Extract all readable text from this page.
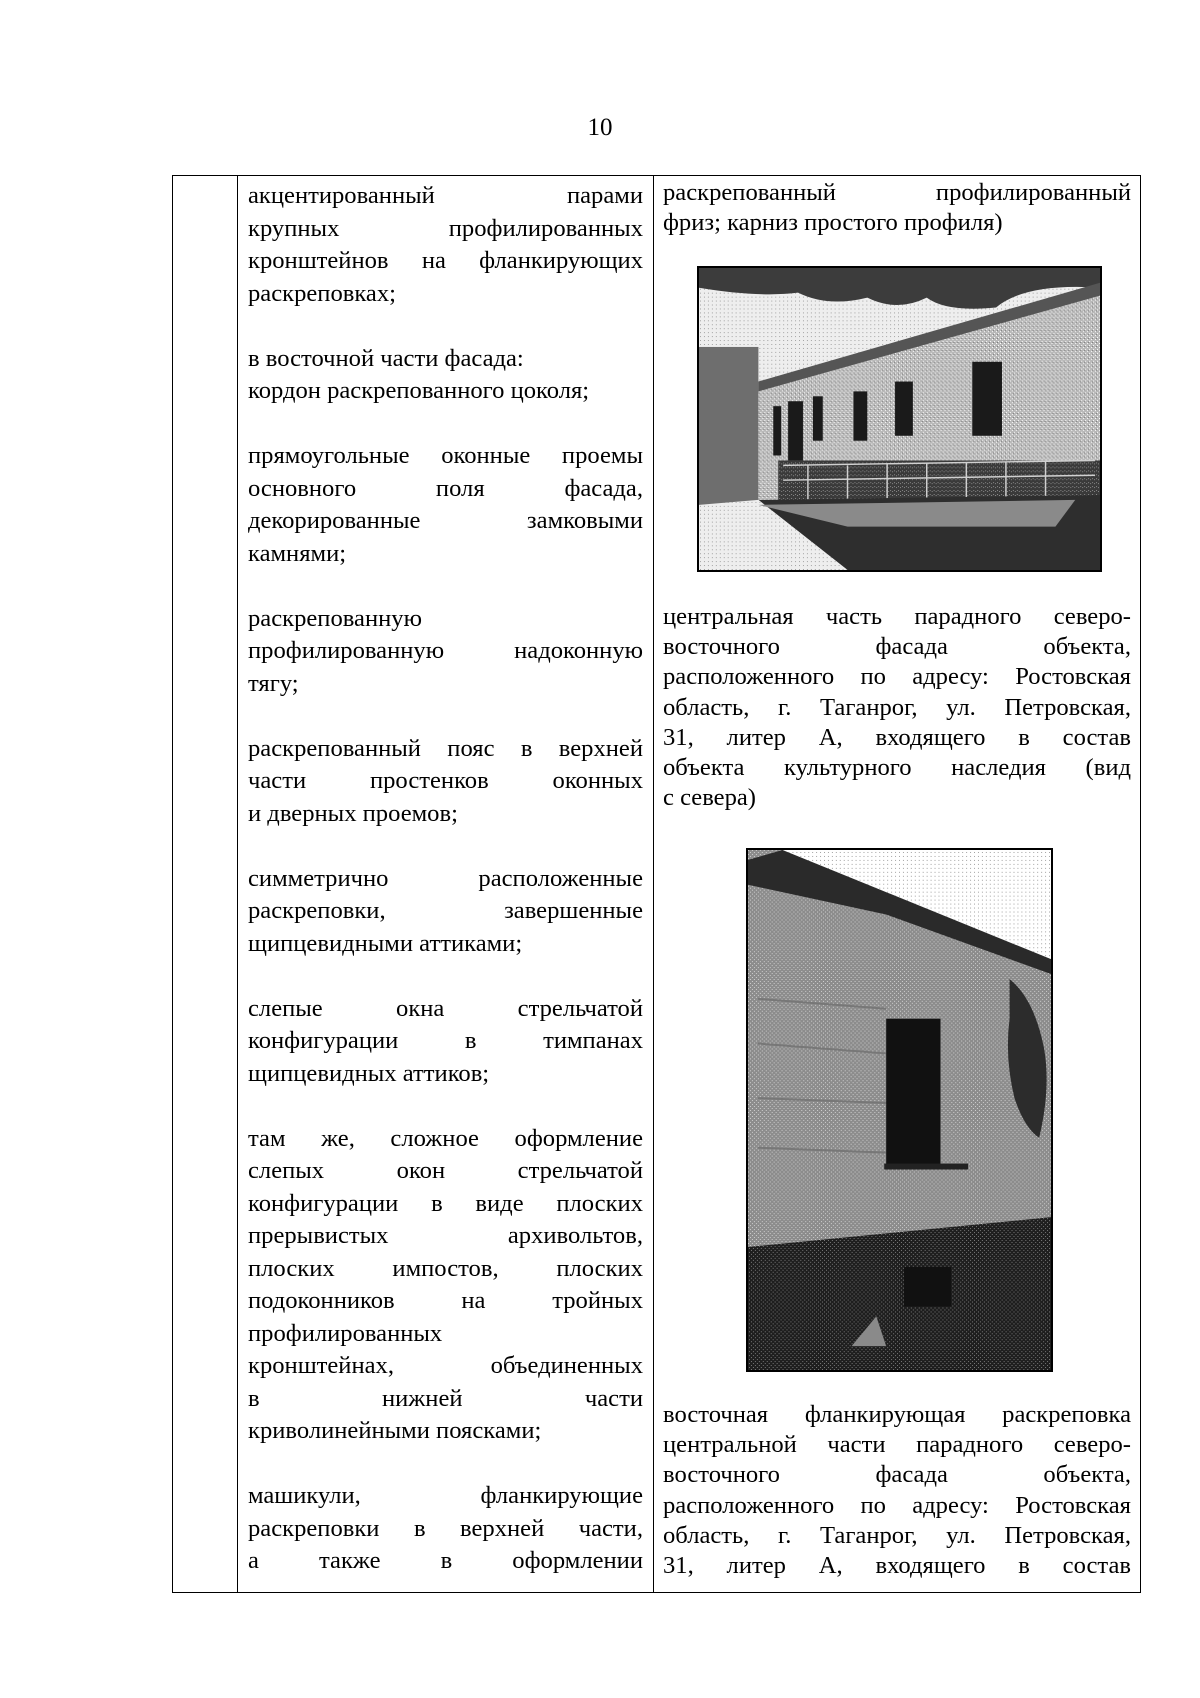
10
акцентированный парами
крупных профилированных
кронштейнов на фланкирующих
раскреповках;
в восточной части фасада:
кордон раскрепованного цоколя;
прямоугольные оконные проемы
основного поля фасада,
декорированные замковыми
камнями;
раскрепованную
профилированную надоконную
тягу;
раскрепованный пояс в верхней
части простенков оконных
и дверных проемов;
симметрично расположенные
раскреповки, завершенные
щипцевидными аттиками;
слепые окна стрельчатой
конфигурации в тимпанах
щипцевидных аттиков;
там же, сложное оформление
слепых окон стрельчатой
конфигурации в виде плоских
прерывистых архивольтов,
плоских импостов, плоских
подоконников на тройных
профилированных
кронштейнах, объединенных
в нижней части
криволинейными поясками;
машикули, фланкирующие
раскреповки в верхней части,
а также в оформлении
раскрепованный профилированный
фриз; карниз простого профиля)
центральная часть парадного северо-
восточного фасада объекта,
расположенного по адресу: Ростовская
область, г. Таганрог, ул. Петровская,
31, литер А, входящего в состав
объекта культурного наследия (вид
с севера)
восточная фланкирующая раскреповка
центральной части парадного северо-
восточного фасада объекта,
расположенного по адресу: Ростовская
область, г. Таганрог, ул. Петровская,
31, литер А, входящего в состав
